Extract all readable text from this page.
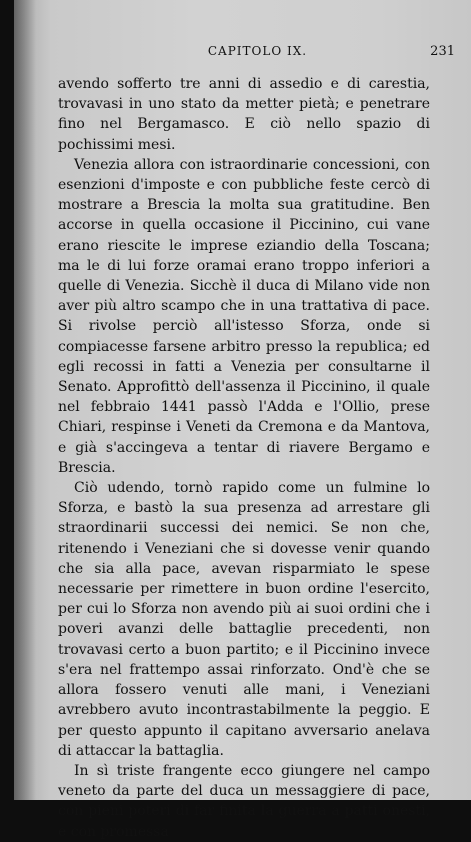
CAPITOLO IX.	231

avendo sofferto tre anni di assedio e di carestia, trovavasi in uno stato da metter pietà; e penetrare fino nel Bergamasco. E ciò nello spazio di pochissimi mesi.

Venezia allora con istraordinarie concessioni, con esenzioni d'imposte e con pubbliche feste cercò di mostrare a Brescia la molta sua gratitudine. Ben accorse in quella occasione il Piccinino, cui vane erano riescite le imprese eziandio della Toscana; ma le di lui forze oramai erano troppo inferiori a quelle di Venezia. Sicchè il duca di Milano vide non aver più altro scampo che in una trattativa di pace. Si rivolse perciò all'istesso Sforza, onde si compiacesse farsene arbitro presso la republica; ed egli recossi in fatti a Venezia per consultarne il Senato. Approfittò dell'assenza il Piccinino, il quale nel febbraio 1441 passò l'Adda e l'Ollio, prese Chiari, respinse i Veneti da Cremona e da Mantova, e già s'accingeva a tentar di riavere Bergamo e Brescia.

Ciò udendo, tornò rapido come un fulmine lo Sforza, e bastò la sua presenza ad arrestare gli straordinarii successi dei nemici. Se non che, ritenendo i Veneziani che si dovesse venir quando che sia alla pace, avevan risparmiato le spese necessarie per rimettere in buon ordine l'esercito, per cui lo Sforza non avendo più ai suoi ordini che i poveri avanzi delle battaglie precedenti, non trovavasi certo a buon partito; e il Piccinino invece s'era nel frattempo assai rinforzato. Ond'è che se allora fossero venuti alle mani, i Veneziani avrebbero avuto incontrastabilmente la peggio. E per questo appunto il capitano avversario anelava di attaccar la battaglia.

In sì triste frangente ecco giungere nel campo veneto da parte del duca un messaggiere di pace, con pieni poteri di far finita la guerra a patti onesti, e con promessa
